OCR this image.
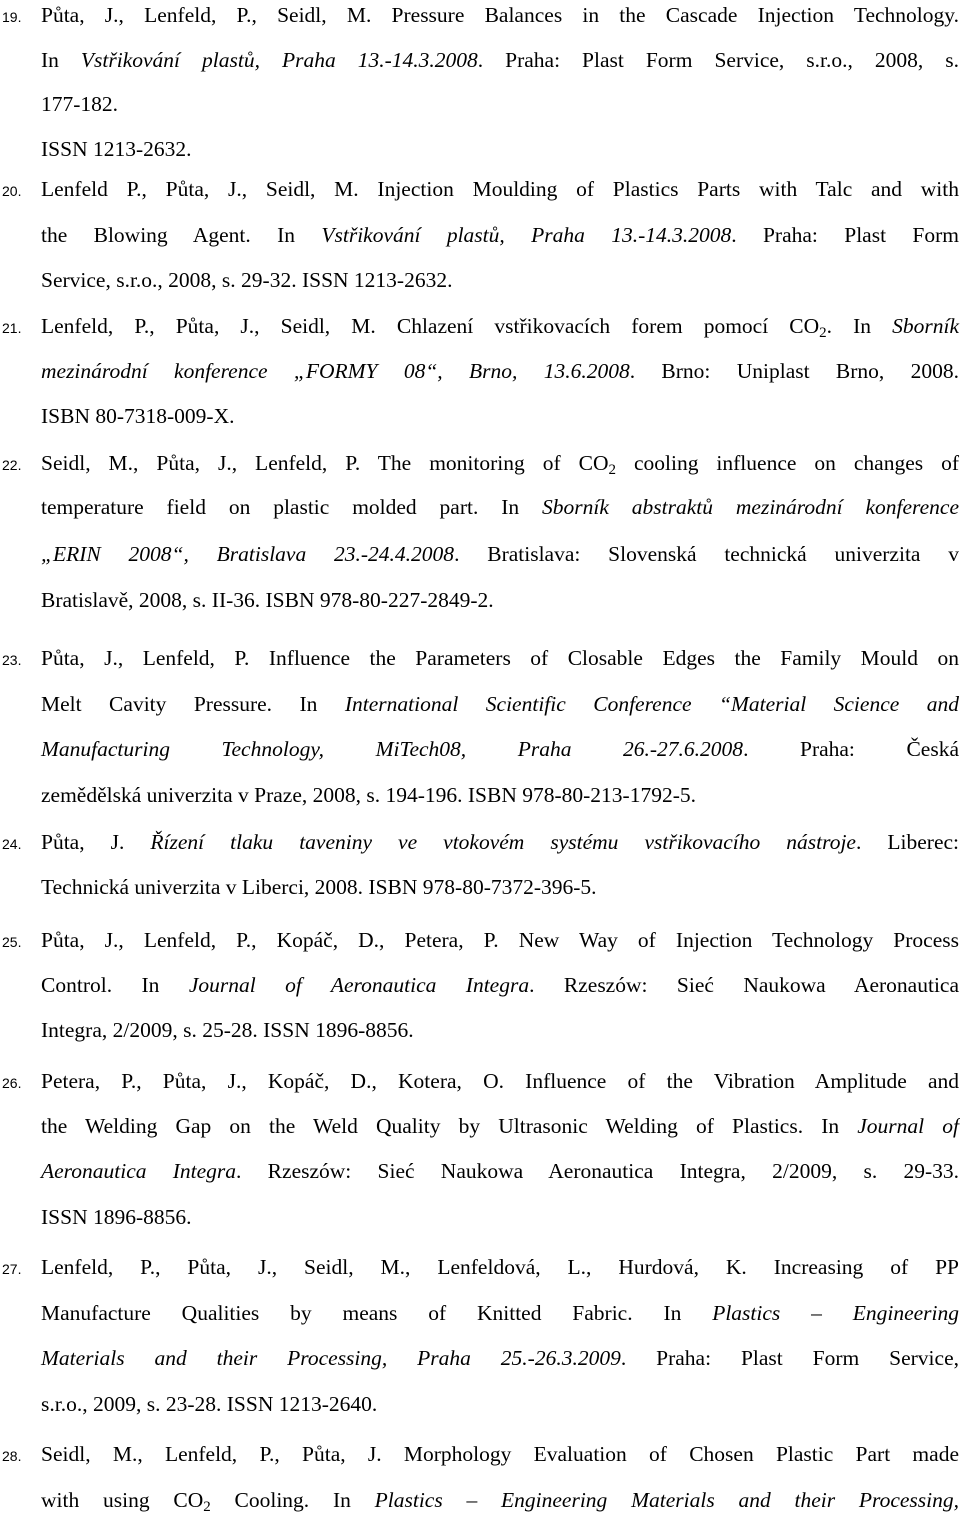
19. Půta, J., Lenfeld, P., Seidl, M. Pressure Balances in the Cascade Injection Technology.
In Vstřikování plastů, Praha 13.-14.3.2008. Praha: Plast Form Service, s.r.o., 2008, s.
177-182.
ISSN 1213-2632.
20. Lenfeld P., Půta, J., Seidl, M. Injection Moulding of Plastics Parts with Talc and with
the Blowing Agent. In Vstřikování plastů, Praha 13.-14.3.2008. Praha: Plast Form
Service, s.r.o., 2008, s. 29-32. ISSN 1213-2632.
21. Lenfeld, P., Půta, J., Seidl, M. Chlazení vstřikovacích forem pomocí $CO_2$. In Sborník
mezinárodní konference „FORMY 08“, Brno, 13.6.2008. Brno: Uniplast Brno, 2008.
ISBN 80-7318-009-X.
22. Seidl, M., Půta, J., Lenfeld, P. The monitoring of $CO_2$ cooling influence on changes of
temperature field on plastic molded part. In Sborník abstraktů mezinárodní konference
„ERIN 2008“, Bratislava 23.-24.4.2008. Bratislava: Slovenská technická univerzita v
Bratislavě, 2008, s. II-36. ISBN 978-80-227-2849-2.
23. Půta, J., Lenfeld, P. Influence the Parameters of Closable Edges the Family Mould on
Melt Cavity Pressure. In International Scientific Conference “Material Science and
Manufacturing Technology, MiTech08, Praha 26.-27.6.2008. Praha: Česká
zemědělská univerzita v Praze, 2008, s. 194-196. ISBN 978-80-213-1792-5.
24. Půta, J. Řízení tlaku taveniny ve vtokovém systému vstřikovacího nástroje. Liberec:
Technická univerzita v Liberci, 2008. ISBN 978-80-7372-396-5.
25. Půta, J., Lenfeld, P., Kopáč, D., Petera, P. New Way of Injection Technology Process
Control. In Journal of Aeronautica Integra. Rzeszów: Sieć Naukowa Aeronautica
Integra, 2/2009, s. 25-28. ISSN 1896-8856.
26. Petera, P., Půta, J., Kopáč, D., Kotera, O. Influence of the Vibration Amplitude and
the Welding Gap on the Weld Quality by Ultrasonic Welding of Plastics. In Journal of
Aeronautica Integra. Rzeszów: Sieć Naukowa Aeronautica Integra, 2/2009, s. 29-33.
ISSN 1896-8856.
27. Lenfeld, P., Půta, J., Seidl, M., Lenfeldová, L., Hurdová, K. Increasing of PP
Manufacture Qualities by means of Knitted Fabric. In Plastics – Engineering
Materials and their Processing, Praha 25.-26.3.2009. Praha: Plast Form Service,
s.r.o., 2009, s. 23-28. ISSN 1213-2640.
28. Seidl, M., Lenfeld, P., Půta, J. Morphology Evaluation of Chosen Plastic Part made
with using $CO_2$ Cooling. In Plastics – Engineering Materials and their Processing,
